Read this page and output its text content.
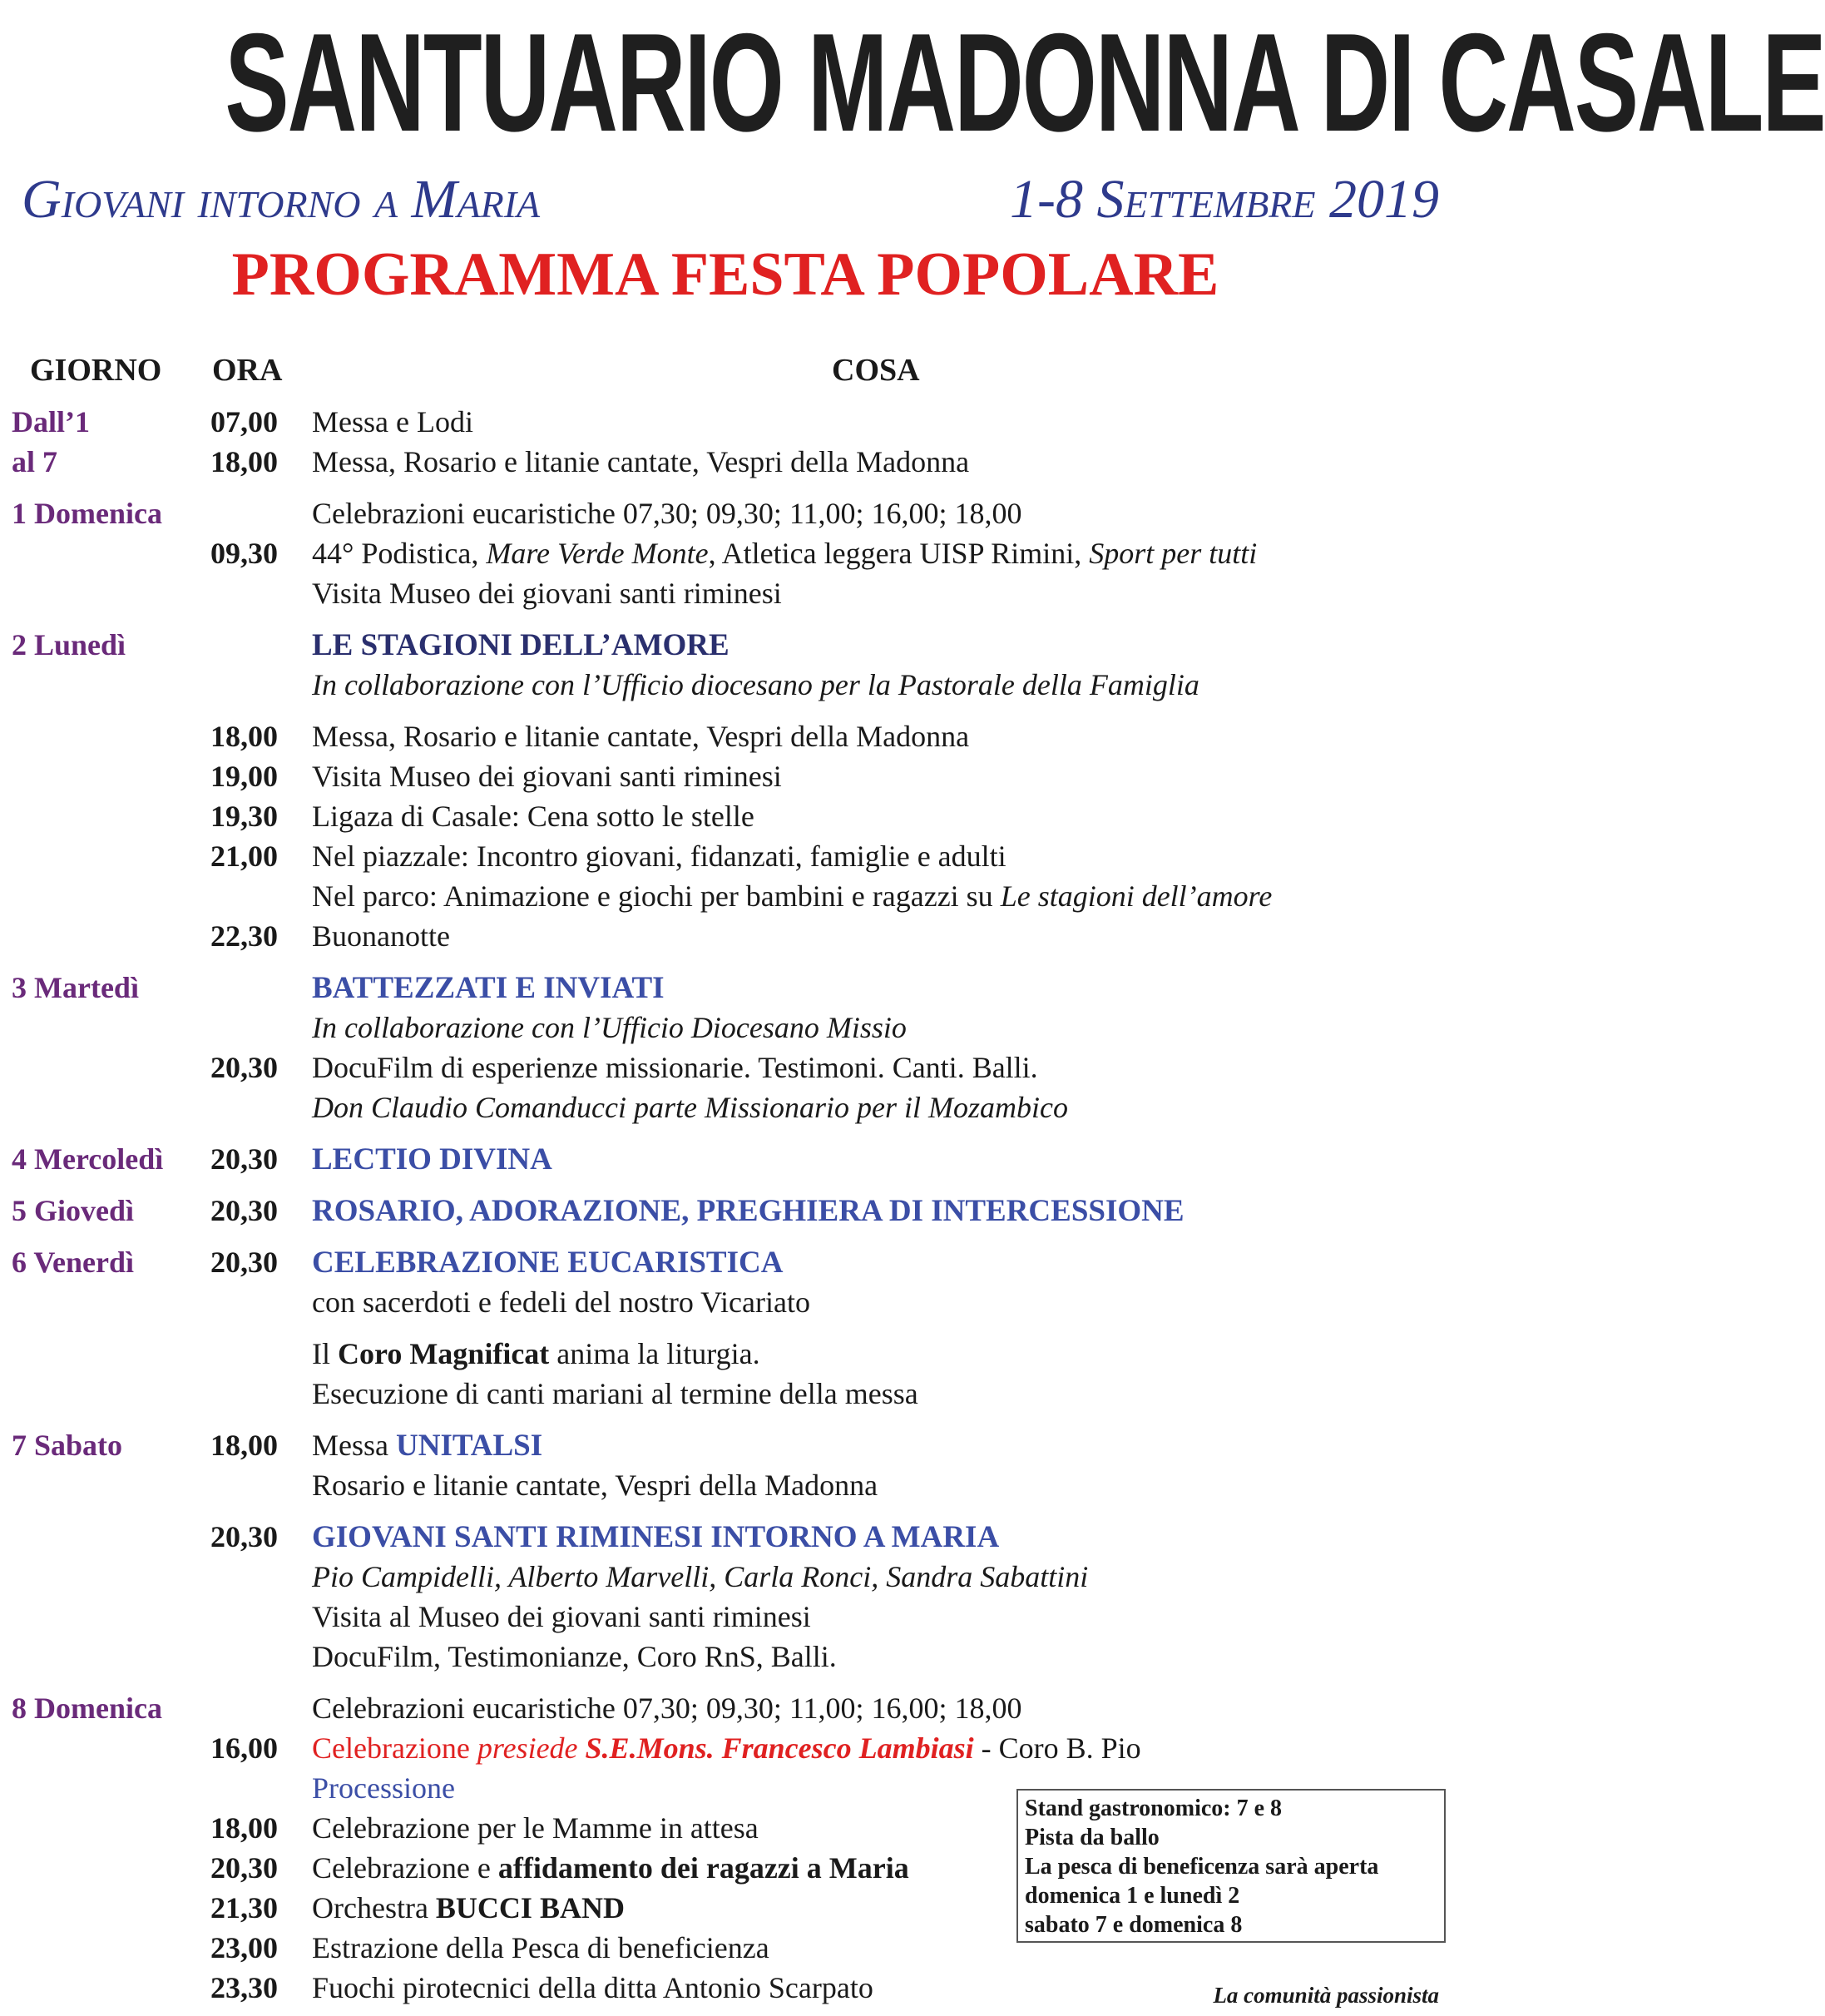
SANTUARIO MADONNA DI CASALE
Giovani intorno a Maria	1-8 Settembre 2019
PROGRAMMA FESTA POPOLARE
GIORNO ORA	COSA
Dall’1	07,00 Messa e Lodi
al 7	18,00 Messa, Rosario e litanie cantate, Vespri della Madonna
1 Domenica	Celebrazioni eucaristiche 07,30; 09,30; 11,00; 16,00; 18,00
09,30 44° Podistica, Mare Verde Monte, Atletica leggera UISP Rimini, Sport per tutti
Visita Museo dei giovani santi riminesi
2 Lunedì	LE STAGIONI DELL’AMORE
In collaborazione con l’Ufficio diocesano per la Pastorale della Famiglia
18,00 Messa, Rosario e litanie cantate, Vespri della Madonna
19,00 Visita Museo dei giovani santi riminesi
19,30 Ligaza di Casale: Cena sotto le stelle
21,00 Nel piazzale: Incontro giovani, fidanzati, famiglie e adulti
Nel parco: Animazione e giochi per bambini e ragazzi su Le stagioni dell’amore
22,30 Buonanotte
3 Martedì	BATTEZZATI E INVIATI
In collaborazione con l’Ufficio Diocesano Missio
20,30 DocuFilm di esperienze missionarie. Testimoni. Canti. Balli.
Don Claudio Comanducci parte Missionario per il Mozambico
4 Mercoledì 20,30 LECTIO DIVINA
5 Giovedì	20,30 ROSARIO, ADORAZIONE, PREGHIERA DI INTERCESSIONE
6 Venerdì	20,30 CELEBRAZIONE EUCARISTICA
con sacerdoti e fedeli del nostro Vicariato
Il Coro Magnificat anima la liturgia.
Esecuzione di canti mariani al termine della messa
7 Sabato	18,00 Messa UNITALSI
Rosario e litanie cantate, Vespri della Madonna
20,30 GIOVANI SANTI RIMINESI INTORNO A MARIA
Pio Campidelli, Alberto Marvelli, Carla Ronci, Sandra Sabattini
Visita al Museo dei giovani santi riminesi
DocuFilm, Testimonianze, Coro RnS, Balli.
8 Domenica	Celebrazioni eucaristiche 07,30; 09,30; 11,00; 16,00; 18,00
16,00 Celebrazione presiede S.E.Mons. Francesco Lambiasi - Coro B. Pio
Processione
18,00 Celebrazione per le Mamme in attesa
20,30 Celebrazione e affidamento dei ragazzi a Maria
21,30 Orchestra BUCCI BAND
23,00 Estrazione della Pesca di beneficienza
23,30 Fuochi pirotecnici della ditta Antonio Scarpato
Stand gastronomico: 7 e 8
Pista da ballo
La pesca di beneficenza sarà aperta
domenica 1 e lunedì 2
sabato 7 e domenica 8
La comunità passionista
